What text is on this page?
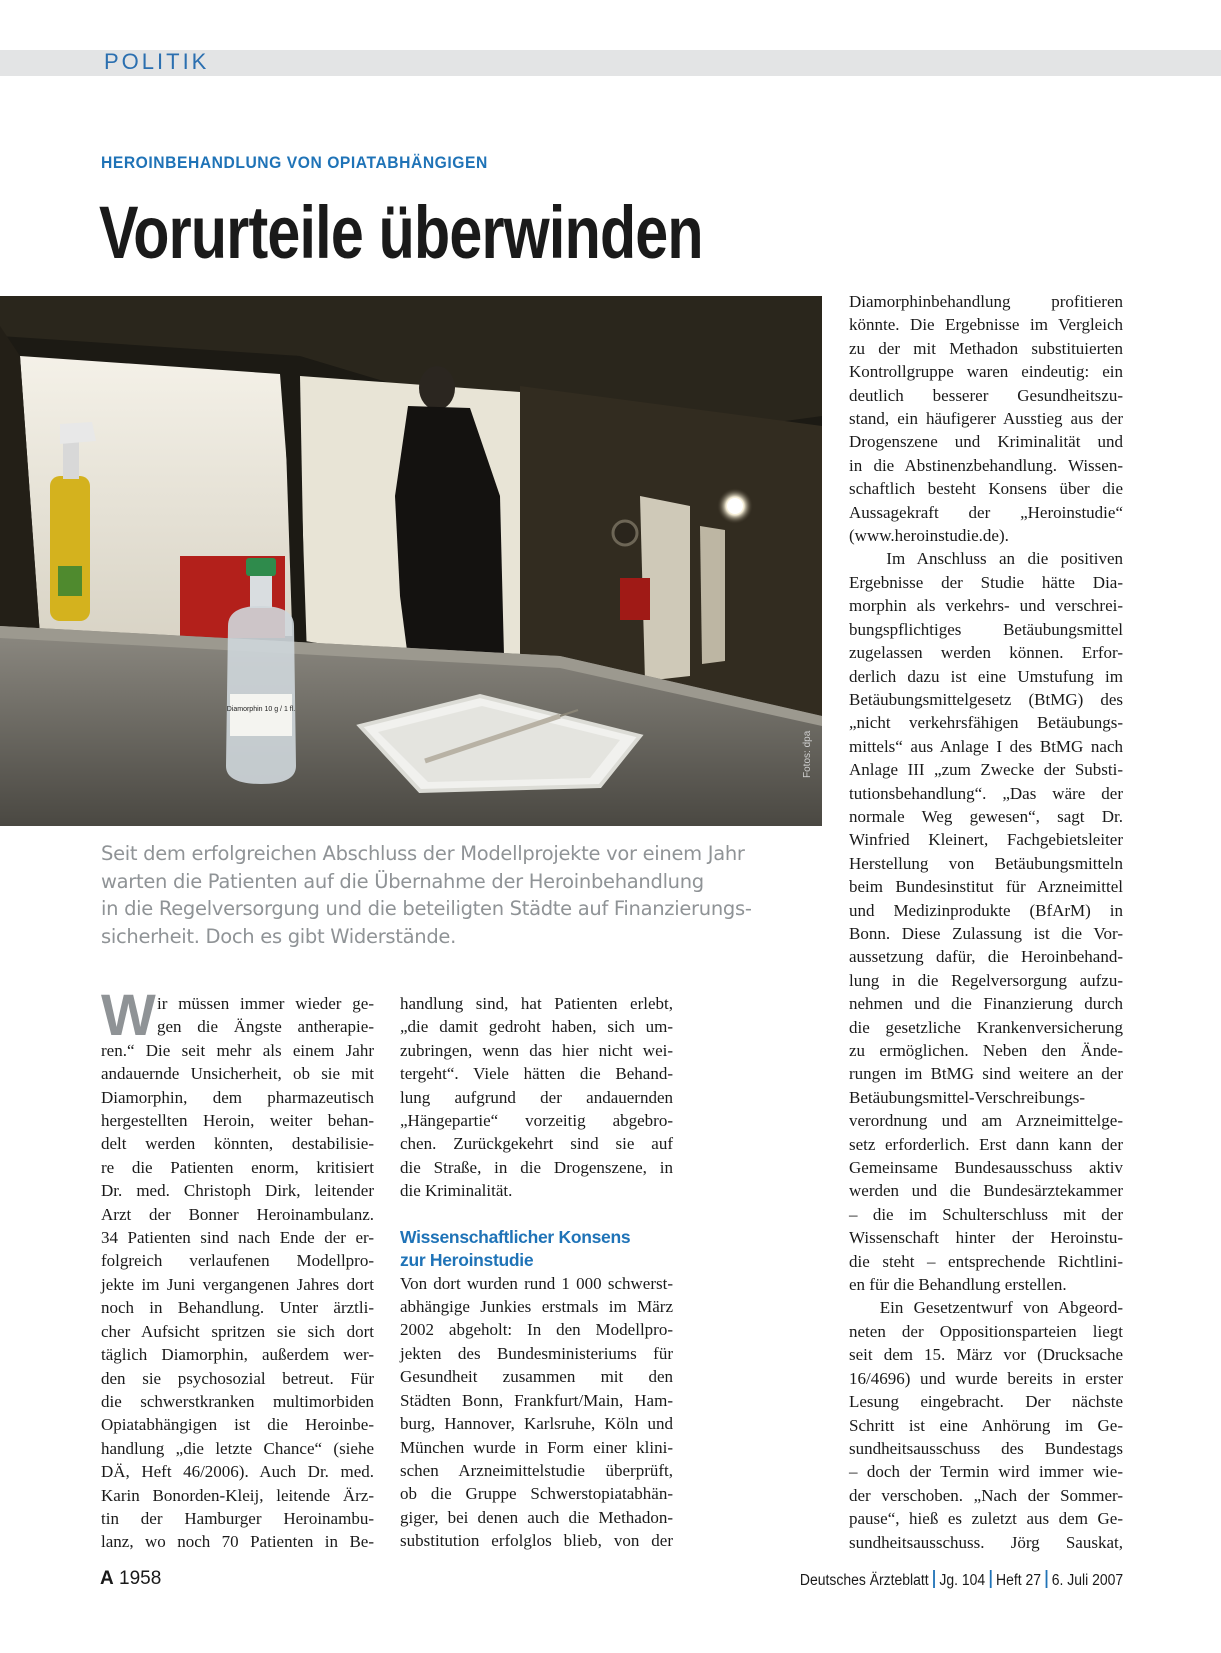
POLITIK
HEROINBEHANDLUNG VON OPIATABHÄNGIGEN
Vorurteile überwinden
Diamorphin 10 g / 1 fl.
Fotos: dpa
Seit dem erfolgreichen Abschluss der Modellprojekte vor einem Jahr
warten die Patienten auf die Übernahme der Heroinbehandlung
in die Regelversorgung und die beteiligten Städte auf Finanzierungs-
sicherheit. Doch es gibt Widerstände.
W ir müssen immer wieder ge-
gen die Ängste antherapie-
ren.“ Die seit mehr als einem Jahr
andauernde Unsicherheit, ob sie mit
Diamorphin, dem pharmazeutisch
hergestellten Heroin, weiter behan-
delt werden könnten, destabilisie-
re die Patienten enorm, kritisiert
Dr. med. Christoph Dirk, leitender
Arzt der Bonner Heroinambulanz.
34 Patienten sind nach Ende der er-
folgreich verlaufenen Modellpro-
jekte im Juni vergangenen Jahres dort
noch in Behandlung. Unter ärztli-
cher Aufsicht spritzen sie sich dort
täglich Diamorphin, außerdem wer-
den sie psychosozial betreut. Für
die schwerstkranken multimorbiden
Opiatabhängigen ist die Heroinbe-
handlung „die letzte Chance“ (siehe
DÄ, Heft 46/2006). Auch Dr. med.
Karin Bonorden-Kleij, leitende Ärz-
tin der Hamburger Heroinambu-
lanz, wo noch 70 Patienten in Be-
handlung sind, hat Patienten erlebt,
„die damit gedroht haben, sich um-
zubringen, wenn das hier nicht wei-
tergeht“. Viele hätten die Behand-
lung aufgrund der andauernden
„Hängepartie“ vorzeitig abgebro-
chen. Zurückgekehrt sind sie auf
die Straße, in die Drogenszene, in
die Kriminalität.
Wissenschaftlicher Konsens
zur Heroinstudie
Von dort wurden rund 1 000 schwerst-
abhängige Junkies erstmals im März
2002 abgeholt: In den Modellpro-
jekten des Bundesministeriums für
Gesundheit zusammen mit den
Städten Bonn, Frankfurt/Main, Ham-
burg, Hannover, Karlsruhe, Köln und
München wurde in Form einer klini-
schen Arzneimittelstudie überprüft,
ob die Gruppe Schwerstopiatabhän-
giger, bei denen auch die Methadon-
substitution erfolglos blieb, von der
Diamorphinbehandlung profitieren
könnte. Die Ergebnisse im Vergleich
zu der mit Methadon substituierten
Kontrollgruppe waren eindeutig: ein
deutlich besserer Gesundheitszu-
stand, ein häufigerer Ausstieg aus der
Drogenszene und Kriminalität und
in die Abstinenzbehandlung. Wissen-
schaftlich besteht Konsens über die
Aussagekraft der „Heroinstudie“
(www.heroinstudie.de).
Im Anschluss an die positiven
Ergebnisse der Studie hätte Dia-
morphin als verkehrs- und verschrei-
bungspflichtiges Betäubungsmittel
zugelassen werden können. Erfor-
derlich dazu ist eine Umstufung im
Betäubungsmittelgesetz (BtMG) des
„nicht verkehrsfähigen Betäubungs-
mittels“ aus Anlage I des BtMG nach
Anlage III „zum Zwecke der Substi-
tutionsbehandlung“. „Das wäre der
normale Weg gewesen“, sagt Dr.
Winfried Kleinert, Fachgebietsleiter
Herstellung von Betäubungsmitteln
beim Bundesinstitut für Arzneimittel
und Medizinprodukte (BfArM) in
Bonn. Diese Zulassung ist die Vor-
aussetzung dafür, die Heroinbehand-
lung in die Regelversorgung aufzu-
nehmen und die Finanzierung durch
die gesetzliche Krankenversicherung
zu ermöglichen. Neben den Ände-
rungen im BtMG sind weitere an der
Betäubungsmittel-Verschreibungs-
verordnung und am Arzneimittelge-
setz erforderlich. Erst dann kann der
Gemeinsame Bundesausschuss aktiv
werden und die Bundesärztekammer
– die im Schulterschluss mit der
Wissenschaft hinter der Heroinstu-
die steht – entsprechende Richtlini-
en für die Behandlung erstellen.
Ein Gesetzentwurf von Abgeord-
neten der Oppositionsparteien liegt
seit dem 15. März vor (Drucksache
16/4696) und wurde bereits in erster
Lesung eingebracht. Der nächste
Schritt ist eine Anhörung im Ge-
sundheitsausschuss des Bundestags
– doch der Termin wird immer wie-
der verschoben. „Nach der Sommer-
pause“, hieß es zuletzt aus dem Ge-
sundheitsausschuss. Jörg Sauskat,
A 1958	Deutsches Ärzteblatt Jg. 104 Heft 27 6. Juli 2007
